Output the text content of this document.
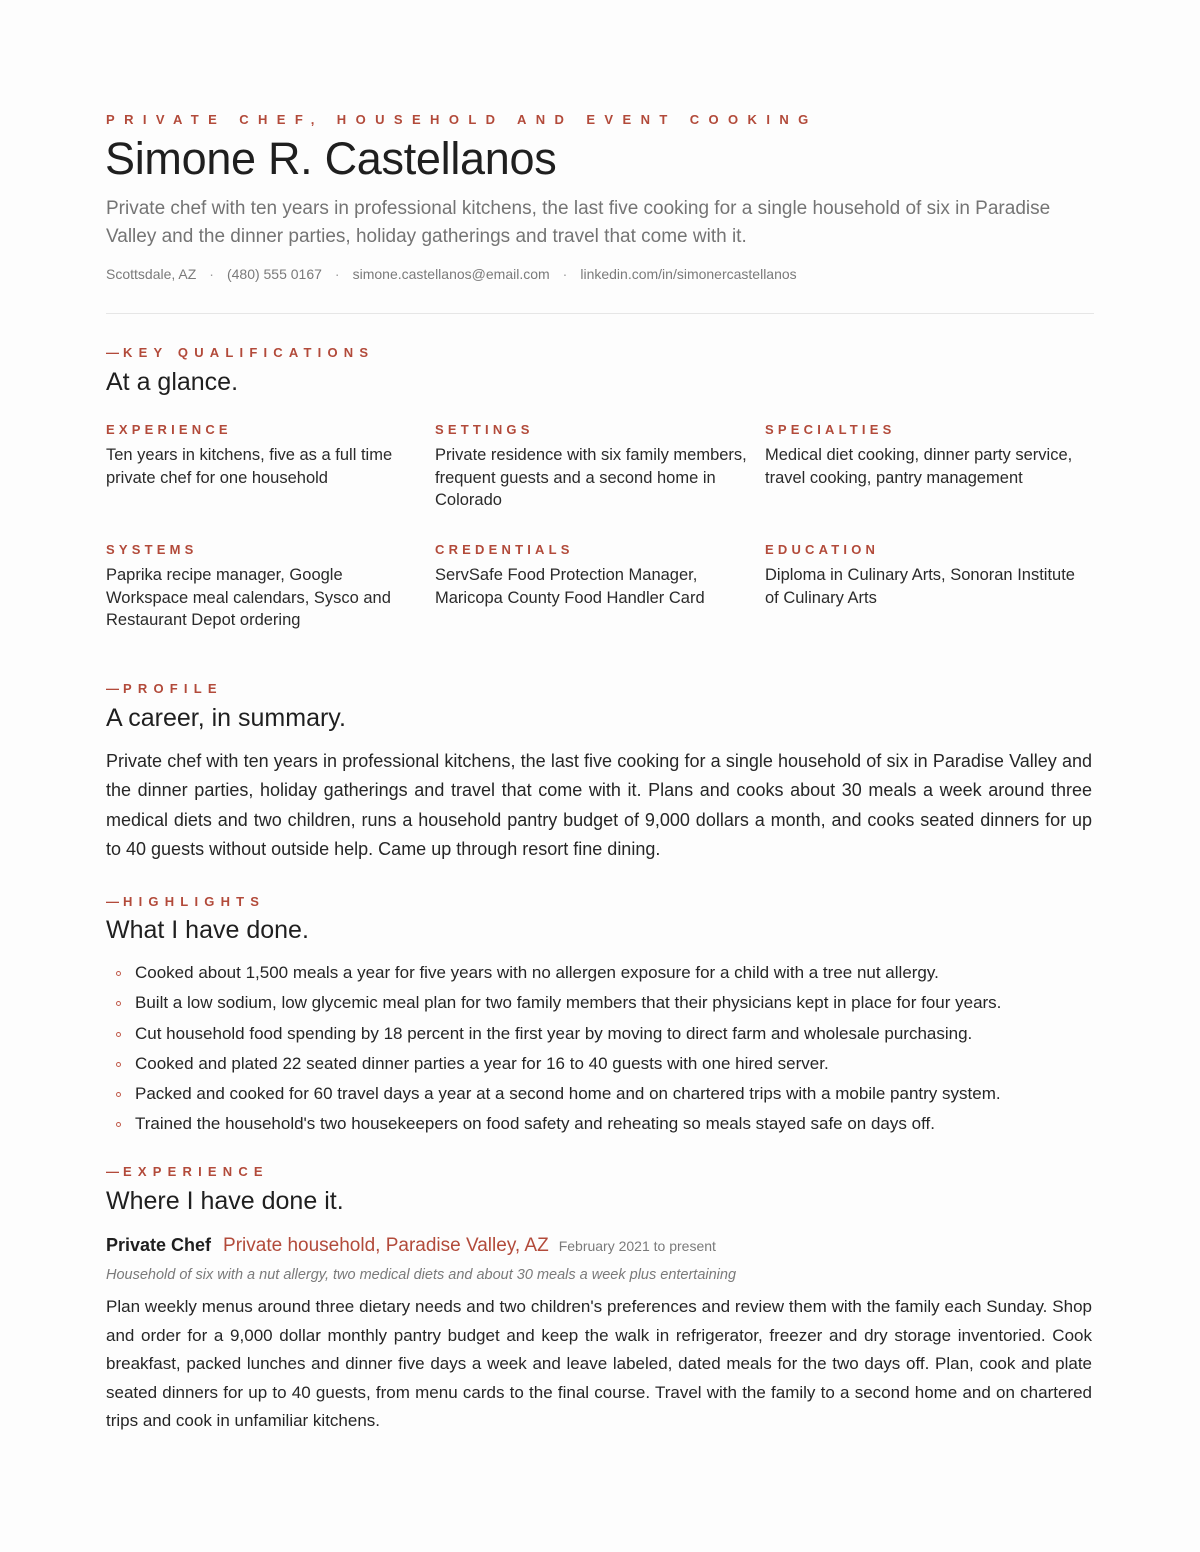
PRIVATE CHEF, HOUSEHOLD AND EVENT COOKING
Simone R. Castellanos
Private chef with ten years in professional kitchens, the last five cooking for a single household of six in Paradise Valley and the dinner parties, holiday gatherings and travel that come with it.
Scottsdale, AZ · (480) 555 0167 · simone.castellanos@email.com · linkedin.com/in/simonercastellanos
— KEY QUALIFICATIONS
At a glance.
EXPERIENCE
Ten years in kitchens, five as a full time private chef for one household
SETTINGS
Private residence with six family members, frequent guests and a second home in Colorado
SPECIALTIES
Medical diet cooking, dinner party service, travel cooking, pantry management
SYSTEMS
Paprika recipe manager, Google Workspace meal calendars, Sysco and Restaurant Depot ordering
CREDENTIALS
ServSafe Food Protection Manager, Maricopa County Food Handler Card
EDUCATION
Diploma in Culinary Arts, Sonoran Institute of Culinary Arts
— PROFILE
A career, in summary.
Private chef with ten years in professional kitchens, the last five cooking for a single household of six in Paradise Valley and the dinner parties, holiday gatherings and travel that come with it. Plans and cooks about 30 meals a week around three medical diets and two children, runs a household pantry budget of 9,000 dollars a month, and cooks seated dinners for up to 40 guests without outside help. Came up through resort fine dining.
— HIGHLIGHTS
What I have done.
Cooked about 1,500 meals a year for five years with no allergen exposure for a child with a tree nut allergy.
Built a low sodium, low glycemic meal plan for two family members that their physicians kept in place for four years.
Cut household food spending by 18 percent in the first year by moving to direct farm and wholesale purchasing.
Cooked and plated 22 seated dinner parties a year for 16 to 40 guests with one hired server.
Packed and cooked for 60 travel days a year at a second home and on chartered trips with a mobile pantry system.
Trained the household's two housekeepers on food safety and reheating so meals stayed safe on days off.
— EXPERIENCE
Where I have done it.
Private Chef Private household, Paradise Valley, AZ February 2021 to present
Household of six with a nut allergy, two medical diets and about 30 meals a week plus entertaining
Plan weekly menus around three dietary needs and two children's preferences and review them with the family each Sunday. Shop and order for a 9,000 dollar monthly pantry budget and keep the walk in refrigerator, freezer and dry storage inventoried. Cook breakfast, packed lunches and dinner five days a week and leave labeled, dated meals for the two days off. Plan, cook and plate seated dinners for up to 40 guests, from menu cards to the final course. Travel with the family to a second home and on chartered trips and cook in unfamiliar kitchens.
